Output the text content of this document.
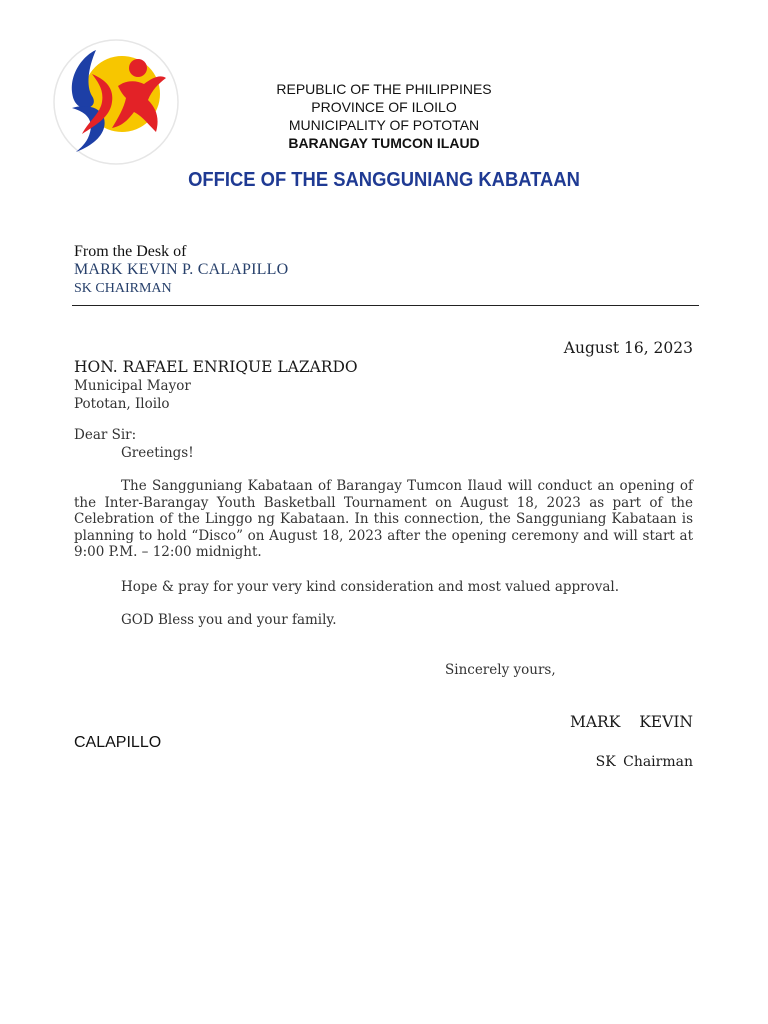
REPUBLIC OF THE PHILIPPINES
PROVINCE OF ILOILO
MUNICIPALITY OF POTOTAN
BARANGAY TUMCON ILAUD
OFFICE OF THE SANGGUNIANG KABATAAN
From the Desk of
MARK KEVIN P. CALAPILLO
SK CHAIRMAN
August 16, 2023
HON. RAFAEL ENRIQUE LAZARDO
Municipal Mayor
Pototan, Iloilo
Dear Sir:
Greetings!

The Sangguniang Kabataan of Barangay Tumcon Ilaud will conduct an opening of the Inter-Barangay Youth Basketball Tournament on August 18, 2023 as part of the Celebration of the Linggo ng Kabataan. In this connection, the Sangguniang Kabataan is planning to hold “Disco” on August 18, 2023 after the opening ceremony and will start at 9:00 P.M. – 12:00 midnight.

Hope & pray for your very kind consideration and most valued approval.
GOD Bless you and your family.
Sincerely yours,
MARK KEVIN
CALAPILLO
SK Chairman
